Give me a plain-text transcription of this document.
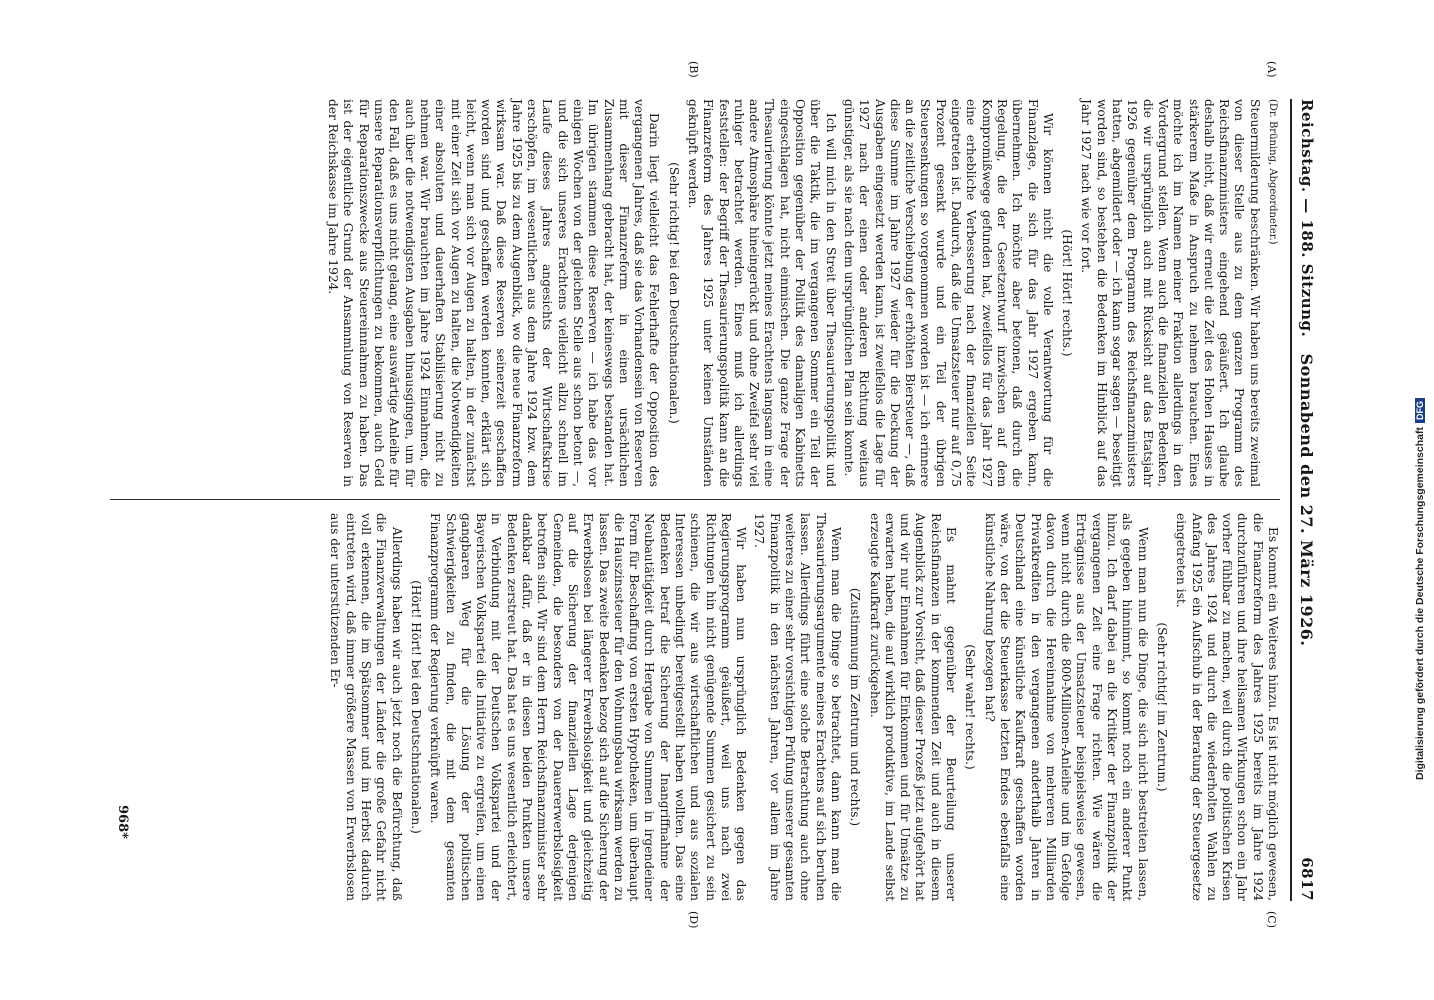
Reichstag. — 188. Sitzung.
Sonnabend den 27. März 1926.
6817
(A)
(B)
(C)
(D)

(Dr. Brüning, Abgeordneter.)

Steuermilderung beschränken. Wir haben uns bereits zweimal von dieser Stelle aus zu dem ganzen Programm des Reichsfinanzministers eingehend geäußert. Ich glaube deshalb nicht, daß wir erneut die Zeit des Hohen Hauses in stärkerem Maße in Anspruch zu nehmen brauchen. Eines möchte ich im Namen meiner Fraktion allerdings in den Vordergrund stellen. Wenn auch die finanziellen Bedenken, die wir ursprünglich auch mit Rücksicht auf das Etatsjahr 1926 gegenüber dem Programm des Reichsfinanzministers hatten, abgemildert oder — ich kann sogar sagen — beseitigt worden sind, so bestehen die Bedenken im Hinblick auf das Jahr 1927 nach wie vor fort.

(Hört! Hört! rechts.)

Wir können nicht die volle Verantwortung für die Finanzlage, die sich für das Jahr 1927 ergeben kann, übernehmen. Ich möchte aber betonen, daß durch die Regelung, die der Gesetzentwurf inzwischen auf dem Kompromißwege gefunden hat, zweifellos für das Jahr 1927 eine erhebliche Verbesserung nach der finanziellen Seite eingetreten ist. Dadurch, daß die Umsatzsteuer nur auf 0,75 Prozent gesenkt wurde und ein Teil der übrigen Steuersenkungen so vorgenommen worden ist — ich erinnere an die zeitliche Verschiebung der erhöhten Biersteuer —, daß diese Summe im Jahre 1927 wieder für die Deckung der Ausgaben eingesetzt werden kann, ist zweifellos die Lage für 1927 nach der einen oder anderen Richtung weitaus günstiger, als sie nach dem ursprünglichen Plan sein konnte.

Ich will mich in den Streit über Thesaurierungspolitik und über die Taktik, die im vergangenen Sommer ein Teil der Opposition gegenüber der Politik des damaligen Kabinetts eingeschlagen hat, nicht einmischen. Die ganze Frage der Thesaurierung könnte jetzt meines Erachtens langsam in eine andere Atmosphäre hineingerückt und ohne Zweifel sehr viel ruhiger betrachtet werden. Eines muß ich allerdings feststellen: der Begriff der Thesaurierungspolitik kann an die Finanzreform des Jahres 1925 unter keinen Umständen geknüpft werden.

(Sehr richtig! bei den Deutschnationalen.)

Darin liegt vielleicht das Fehlerhafte der Opposition des vergangenen Jahres, daß sie das Vorhandensein von Reserven mit dieser Finanzreform in einen ursächlichen Zusammenhang gebracht hat, der keineswegs bestanden hat. Im übrigen stammen diese Reserven — ich habe das vor einigen Wochen von der gleichen Stelle aus schon betont —, und die sich unseres Erachtens vielleicht allzu schnell im Laufe dieses Jahres angesichts der Wirtschaftskrise erschöpfen, im wesentlichen aus dem Jahre 1924 bzw. dem Jahre 1925 bis zu dem Augenblick, wo die neue Finanzreform wirksam war. Daß diese Reserven seinerzeit geschaffen worden sind und geschaffen werden konnten, erklärt sich leicht, wenn man sich vor Augen zu halten, in der zunächst mit einer Zeit sich vor Augen zu halten, die Notwendigkeiten einer absoluten und dauerhaften Stabilisierung nicht zu nehmen war. Wir brauchten im Jahre 1924 Einnahmen, die auch über die notwendigsten Ausgaben hinausgingen, um für den Fall, daß es uns nicht gelang, eine auswärtige Anleihe für unsere Reparationsverpflichtungen zu bekommen, auch Geld für Reparationszwecke aus Steuereinnahmen zu haben. Das ist der eigentliche Grund der Ansammlung von Reserven in der Reichskasse im Jahre 1924.

Es kommt ein Weiteres hinzu. Es ist nicht möglich gewesen, die Finanzreform des Jahres 1925 bereits im Jahre 1924 durchzuführen und ihre heilsamen Wirkungen schon ein Jahr vorher fühlbar zu machen, weil durch die politischen Krisen des Jahres 1924 und durch die wiederholten Wahlen zu Anfang 1925 ein Aufschub in der Beratung der Steuergesetze eingetreten ist.

(Sehr richtig! im Zentrum.)

Wenn man nun die Dinge, die sich nicht bestreiten lassen, als gegeben hinnimmt, so kommt noch ein anderer Punkt hinzu. Ich darf dabei an die Kritiker der Finanzpolitik der vergangenen Zeit eine Frage richten. Wie wären die Erträgnisse aus der Umsatzsteuer beispielsweise gewesen, wenn nicht durch die 800-Millionen-Anleihe und im Gefolge davon durch die Hereinnahme von mehreren Milliarden Privatkrediten in den vergangenen anderthalb Jahren in Deutschland eine künstliche Kaufkraft geschaffen worden wäre, von der die Steuerkasse letzten Endes ebenfalls eine künstliche Nahrung bezogen hat?

(Sehr wahr! rechts.)

Es mahnt gegenüber der Beurteilung unserer Reichsfinanzen in der kommenden Zeit und auch in diesem Augenblick zur Vorsicht, daß dieser Prozeß jetzt aufgehört hat und wir nur Einnahmen für Einkommen und für Umsätze zu erwarten haben, die auf wirklich produktive, im Lande selbst erzeugte Kaufkraft zurückgehen.

(Zustimmung im Zentrum und rechts.)

Wenn man die Dinge so betrachtet, dann kann man die Thesaurierungsargumente meines Erachtens auf sich beruhen lassen. Allerdings führt eine solche Betrachtung auch ohne weiteres zu einer sehr vorsichtigen Prüfung unserer gesamten Finanzpolitik in den nächsten Jahren, vor allem im Jahre 1927.

Wir haben nun ursprünglich Bedenken gegen das Regierungsprogramm geäußert, weil uns nach zwei Richtungen hin nicht genügende Summen gesichert zu sein schienen, die wir aus wirtschaftlichen und aus sozialen Interessen unbedingt bereitgestellt haben wollten. Das eine Bedenken betraf die Sicherung der Inangriffnahme der Neubautätigkeit durch Hergabe von Summen in irgendeiner Form für Beschaffung von ersten Hypotheken, um überhaupt die Hauszinssteuer für den Wohnungsbau wirksam werden zu lassen. Das zweite Bedenken bezog sich auf die Sicherung der Erwerbslosen bei längerer Erwerbslosigkeit und gleichzeitig auf die Sicherung der finanziellen Lage derjenigen Gemeinden, die besonders von der Dauererwerbslosigkeit betroffen sind. Wir sind dem Herrn Reichsfinanzminister sehr dankbar dafür, daß er in diesen beiden Punkten unsere Bedenken zerstreut hat. Das hat es uns wesentlich erleichtert, in Verbindung mit der Deutschen Volkspartei und der Bayerischen Volkspartei die Initiative zu ergreifen, um einen gangbaren Weg für die Lösung der politischen Schwierigkeiten zu finden, die mit dem gesamten Finanzprogramm der Regierung verknüpft waren.

(Hört! Hört! bei den Deutschnationalen.)

Allerdings haben wir auch jetzt noch die Befürchtung, daß die Finanzverwaltungen der Länder die große Gefahr nicht voll erkennen, die im Spätsommer und im Herbst dadurch eintreten wird, daß immer größere Massen von Erwerbslosen aus der unterstützenden Er-

968*
Digitalisierung gefördert durch die Deutsche Forschungsgemeinschaft
DFG
